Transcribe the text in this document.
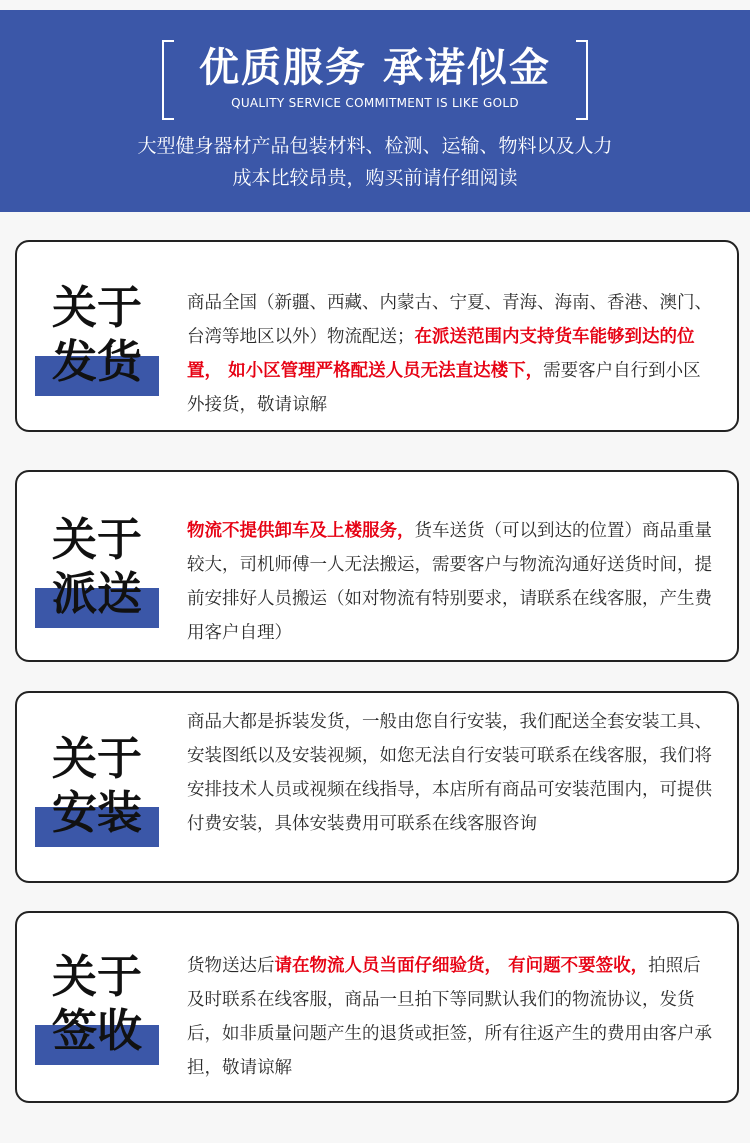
优质服务 承诺似金
QUALITY SERVICE COMMITMENT IS LIKE GOLD
大型健身器材产品包装材料、检测、运输、物料以及人力
成本比较昂贵，购买前请仔细阅读
关于
发货
商品全国（新疆、西藏、内蒙古、宁夏、青海、海南、香港、澳门、台湾等地区以外）物流配送；在派送范围内支持货车能够到达的位置， 如小区管理严格配送人员无法直达楼下，需要客户自行到小区外接货，敬请谅解
关于
派送
物流不提供卸车及上楼服务，货车送货（可以到达的位置）商品重量较大，司机师傅一人无法搬运，需要客户与物流沟通好送货时间，提前安排好人员搬运（如对物流有特别要求，请联系在线客服，产生费用客户自理）
关于
安装
商品大都是拆装发货，一般由您自行安装，我们配送全套安装工具、安装图纸以及安装视频，如您无法自行安装可联系在线客服，我们将安排技术人员或视频在线指导，本店所有商品可安装范围内，可提供付费安装，具体安装费用可联系在线客服咨询
关于
签收
货物送达后请在物流人员当面仔细验货， 有问题不要签收，拍照后及时联系在线客服，商品一旦拍下等同默认我们的物流协议，发货后，如非质量问题产生的退货或拒签，所有往返产生的费用由客户承担，敬请谅解
